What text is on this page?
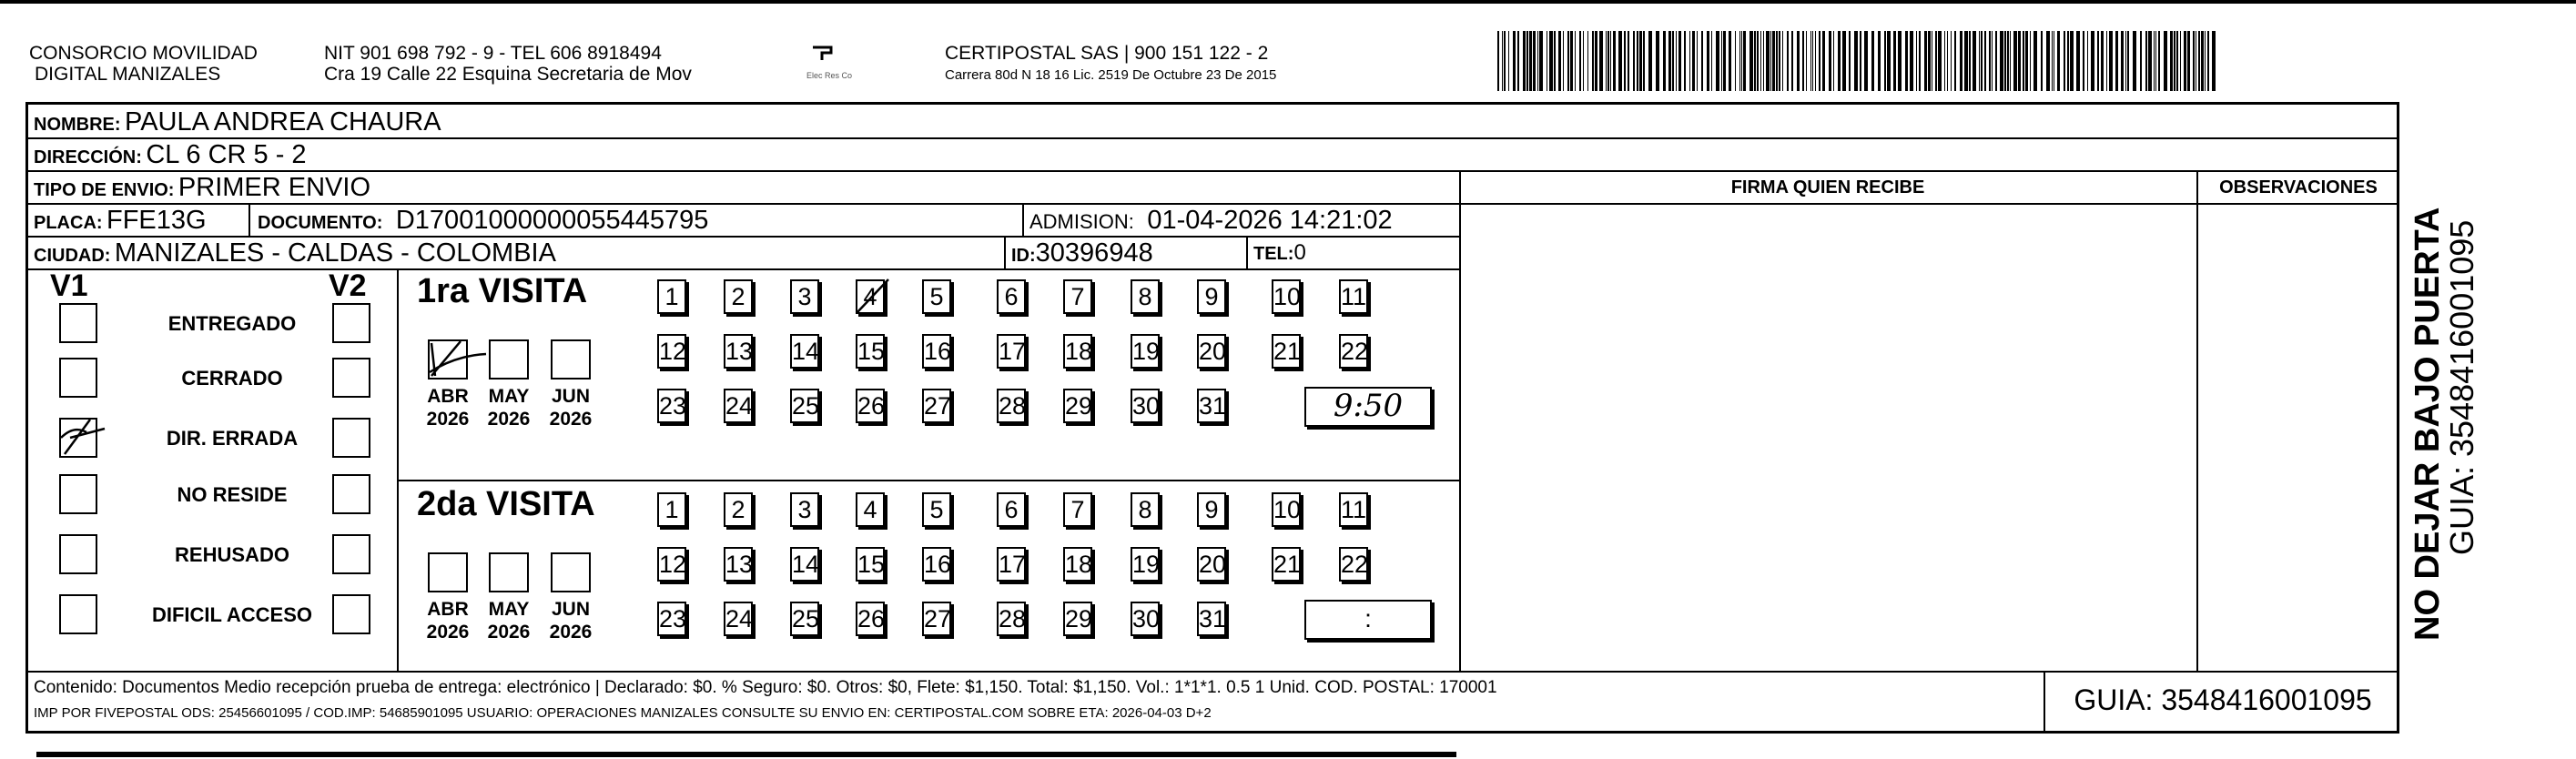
CONSORCIO MOVILIDAD
DIGITAL MANIZALES
NIT 901 698 792 - 9 - TEL 606 8918494
Cra 19 Calle 22 Esquina Secretaria de Mov	Elec Res Co
CERTIPOSTAL SAS | 900 151 122 - 2
Carrera 80d N 18 16 Lic. 2519 De Octubre 23 De 2015
NOMBRE: PAULA ANDREA CHAURA
DIRECCIÓN: CL 6 CR 5 - 2
TIPO DE ENVIO: PRIMER ENVIO	FIRMA QUIEN RECIBE	OBSERVACIONES
PLACA: FFE13G	DOCUMENTO: D17001000000055445795	ADMISION: 01-04-2026 14:21:02
CIUDAD: MANIZALES - CALDAS - COLOMBIA	ID:30396948	TEL:0
V1	V2
ENTREGADO
CERRADO
DIR. ERRADA
NO RESIDE
REHUSADO
DIFICIL ACCESO
1ra VISITA
ABR
2026
MAY
2026
JUN
2026
1	2	3	4	5	6	7	8	9	10 11
12 13 14 15 16 17 18 19 20 21 22
23 24 25 26 27 28 29 30 31	9:50
2da VISITA
ABR
2026
MAY
2026
JUN
2026
1	2	3	4	5	6	7	8	9	10 11
12 13 14 15 16 17 18 19 20 21 22
23 24 25 26 27 28 29 30 31	:
Contenido: Documentos Medio recepción prueba de entrega: electrónico | Declarado: $0. % Seguro: $0. Otros: $0, Flete: $1,150. Total: $1,150. Vol.: 1*1*1. 0.5 1 Unid. COD. POSTAL: 170001
IMP POR FIVEPOSTAL ODS: 25456601095 / COD.IMP: 54685901095 USUARIO: OPERACIONES MANIZALES CONSULTE SU ENVIO EN: CERTIPOSTAL.COM SOBRE ETA: 2026-04-03 D+2	GUIA: 3548416001095
NO DEJAR BAJO PUERTA
GUIA: 3548416001095
